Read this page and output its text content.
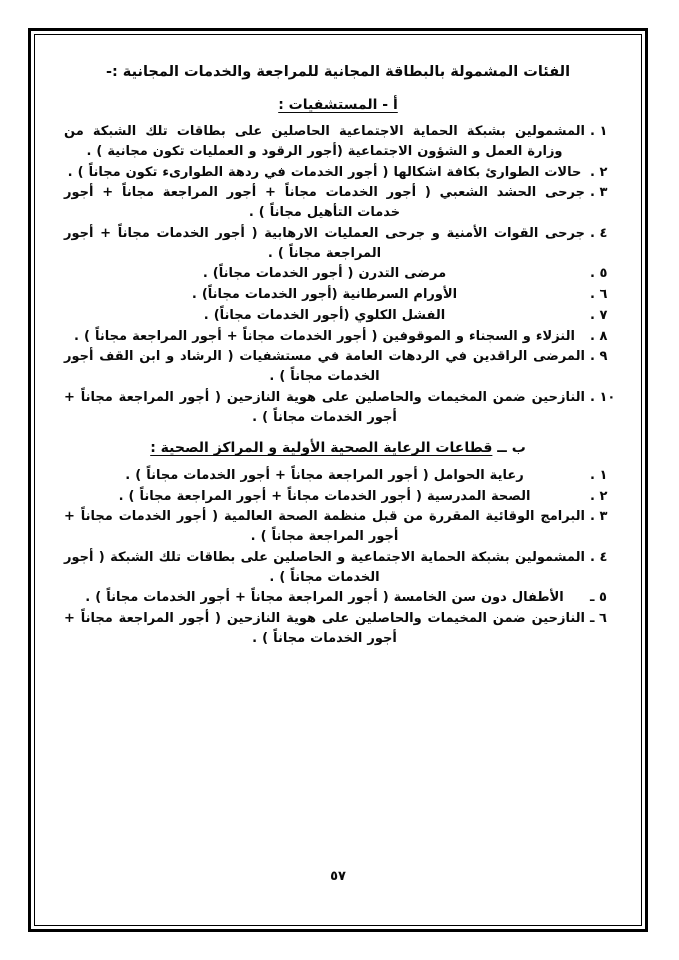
الفئات المشمولة بالبطاقة المجانية للمراجعة والخدمات المجانية :-
أ - المستشفيات :
١ .
المشمولين بشبكة الحماية الاجتماعية الحاصلين على بطاقات تلك الشبكة من وزارة العمل و الشؤون الاجتماعية (أجور الرقود و العمليات تكون مجانية ) .
٢ .
حالات الطوارئ بكافة اشكالها ( أجور الخدمات في ردهة الطوارىء تكون مجاناً ) .
٣ .
جرحى الحشد الشعبي ( أجور الخدمات مجاناً + أجور المراجعة مجاناً + أجور خدمات التأهيل مجاناً ) .
٤ .
جرحى القوات الأمنية و جرحى العمليات الارهابية ( أجور الخدمات مجاناً + أجور المراجعة مجاناً ) .
٥ .
مرضى التدرن ( أجور الخدمات مجاناً) .
٦ .
الأورام السرطانية (أجور الخدمات مجاناً) .
٧ .
الفشل الكلوي (أجور الخدمات مجاناً) .
٨ .
النزلاء و السجناء و الموقوفين ( أجور الخدمات مجاناً + أجور المراجعة مجاناً ) .
٩ .
المرضى الراقدين في الردهات العامة في مستشفيات ( الرشاد و ابن القف أجور الخدمات مجاناً ) .
١٠ .
النازحين ضمن المخيمات والحاصلين على هوية النازحين ( أجور المراجعة مجاناً + أجور الخدمات مجاناً ) .
ب ــ قطاعات الرعاية الصحية الأولية و المراكز الصحية :
١ .
رعاية الحوامل ( أجور المراجعة مجاناً + أجور الخدمات مجاناً ) .
٢ .
الصحة المدرسية ( أجور الخدمات مجاناً + أجور المراجعة مجاناً ) .
٣ .
البرامج الوقائية المقررة من قبل منظمة الصحة العالمية ( أجور الخدمات مجاناً + أجور المراجعة مجاناً ) .
٤ .
المشمولين بشبكة الحماية الاجتماعية و الحاصلين على بطاقات تلك الشبكة ( أجور الخدمات مجاناً ) .
٥ ـ
الأطفال دون سن الخامسة ( أجور المراجعة مجاناً + أجور الخدمات مجاناً ) .
٦ ـ
النازحين ضمن المخيمات والحاصلين على هوية النازحين ( أجور المراجعة مجاناً + أجور الخدمات مجاناً ) .
٥٧
